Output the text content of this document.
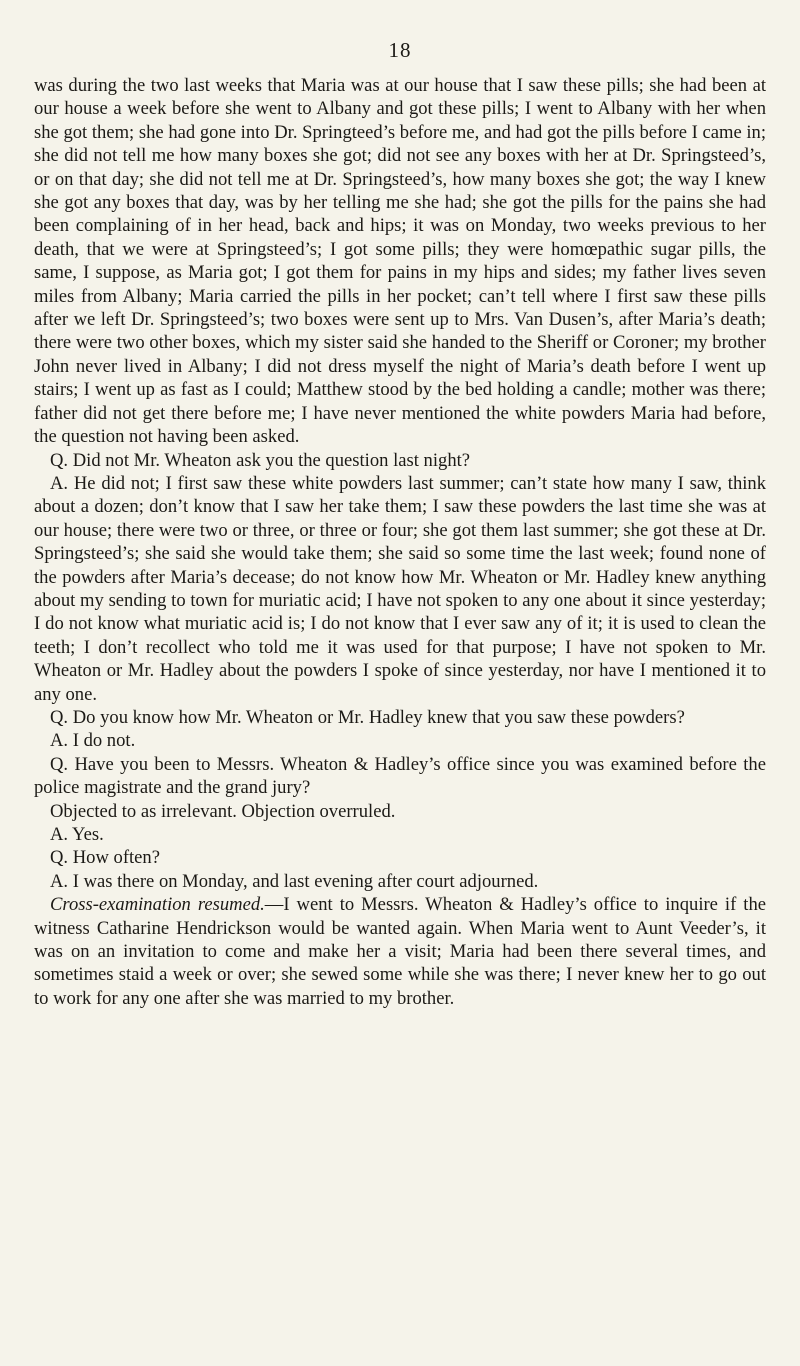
18

was during the two last weeks that Maria was at our house that I saw these pills; she had been at our house a week before she went to Albany and got these pills; I went to Albany with her when she got them; she had gone into Dr. Springteed’s before me, and had got the pills before I came in; she did not tell me how many boxes she got; did not see any boxes with her at Dr. Springsteed’s, or on that day; she did not tell me at Dr. Springsteed’s, how many boxes she got; the way I knew she got any boxes that day, was by her telling me she had; she got the pills for the pains she had been complaining of in her head, back and hips; it was on Monday, two weeks previous to her death, that we were at Springsteed’s; I got some pills; they were homœpathic sugar pills, the same, I suppose, as Maria got; I got them for pains in my hips and sides; my father lives seven miles from Albany; Maria carried the pills in her pocket; can’t tell where I first saw these pills after we left Dr. Springsteed’s; two boxes were sent up to Mrs. Van Dusen’s, after Maria’s death; there were two other boxes, which my sister said she handed to the Sheriff or Coroner; my brother John never lived in Albany; I did not dress myself the night of Maria’s death before I went up stairs; I went up as fast as I could; Matthew stood by the bed holding a candle; mother was there; father did not get there before me; I have never mentioned the white powders Maria had before, the question not having been asked.

Q. Did not Mr. Wheaton ask you the question last night?

A. He did not; I first saw these white powders last summer; can’t state how many I saw, think about a dozen; don’t know that I saw her take them; I saw these powders the last time she was at our house; there were two or three, or three or four; she got them last summer; she got these at Dr. Springsteed’s; she said she would take them; she said so some time the last week; found none of the powders after Maria’s decease; do not know how Mr. Wheaton or Mr. Hadley knew anything about my sending to town for muriatic acid; I have not spoken to any one about it since yesterday; I do not know what muriatic acid is; I do not know that I ever saw any of it; it is used to clean the teeth; I don’t recollect who told me it was used for that purpose; I have not spoken to Mr. Wheaton or Mr. Hadley about the powders I spoke of since yesterday, nor have I mentioned it to any one.

Q. Do you know how Mr. Wheaton or Mr. Hadley knew that you saw these powders?

A. I do not.

Q. Have you been to Messrs. Wheaton & Hadley’s office since you was examined before the police magistrate and the grand jury?

Objected to as irrelevant. Objection overruled.

A. Yes.

Q. How often?

A. I was there on Monday, and last evening after court adjourned.

Cross-examination resumed.—I went to Messrs. Wheaton & Hadley’s office to inquire if the witness Catharine Hendrickson would be wanted again. When Maria went to Aunt Veeder’s, it was on an invitation to come and make her a visit; Maria had been there several times, and sometimes staid a week or over; she sewed some while she was there; I never knew her to go out to work for any one after she was married to my brother.
